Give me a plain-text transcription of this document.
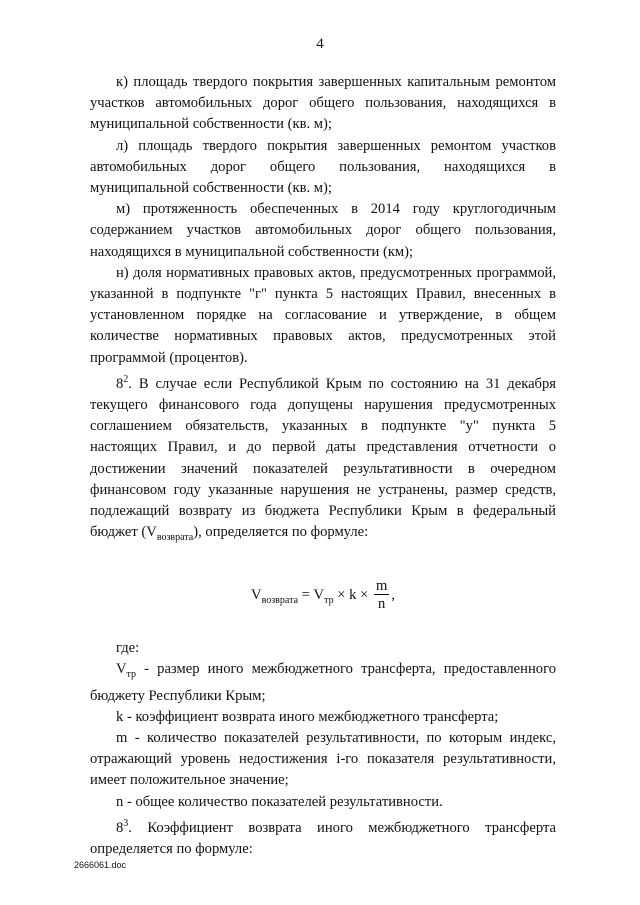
4

к) площадь твердого покрытия завершенных капитальным ремонтом участков автомобильных дорог общего пользования, находящихся в муниципальной собственности (кв. м);

л) площадь твердого покрытия завершенных ремонтом участков автомобильных дорог общего пользования, находящихся в муниципальной собственности (кв. м);

м) протяженность обеспеченных в 2014 году круглогодичным содержанием участков автомобильных дорог общего пользования, находящихся в муниципальной собственности (км);

н) доля нормативных правовых актов, предусмотренных программой, указанной в подпункте "г" пункта 5 настоящих Правил, внесенных в установленном порядке на согласование и утверждение, в общем количестве нормативных правовых актов, предусмотренных этой программой (процентов).

$8^2$. В случае если Республикой Крым по состоянию на 31 декабря текущего финансового года допущены нарушения предусмотренных соглашением обязательств, указанных в подпункте "у" пункта 5 настоящих Правил, и до первой даты представления отчетности о достижении значений показателей результативности в очередном финансовом году указанные нарушения не устранены, размер средств, подлежащий возврату из бюджета Республики Крым в федеральный бюджет $(V_{возврата})$, определяется по формуле:

$V_{возврата} = V_{тр} \times k \times \frac{m}{n}$ ,

где:

$V_{тр}$ - размер иного межбюджетного трансферта, предоставленного бюджету Республики Крым;

k - коэффициент возврата иного межбюджетного трансферта;

m - количество показателей результативности, по которым индекс, отражающий уровень недостижения i-го показателя результативности, имеет положительное значение;

n - общее количество показателей результативности.

$8^3$. Коэффициент возврата иного межбюджетного трансферта определяется по формуле:

2666061.doc
